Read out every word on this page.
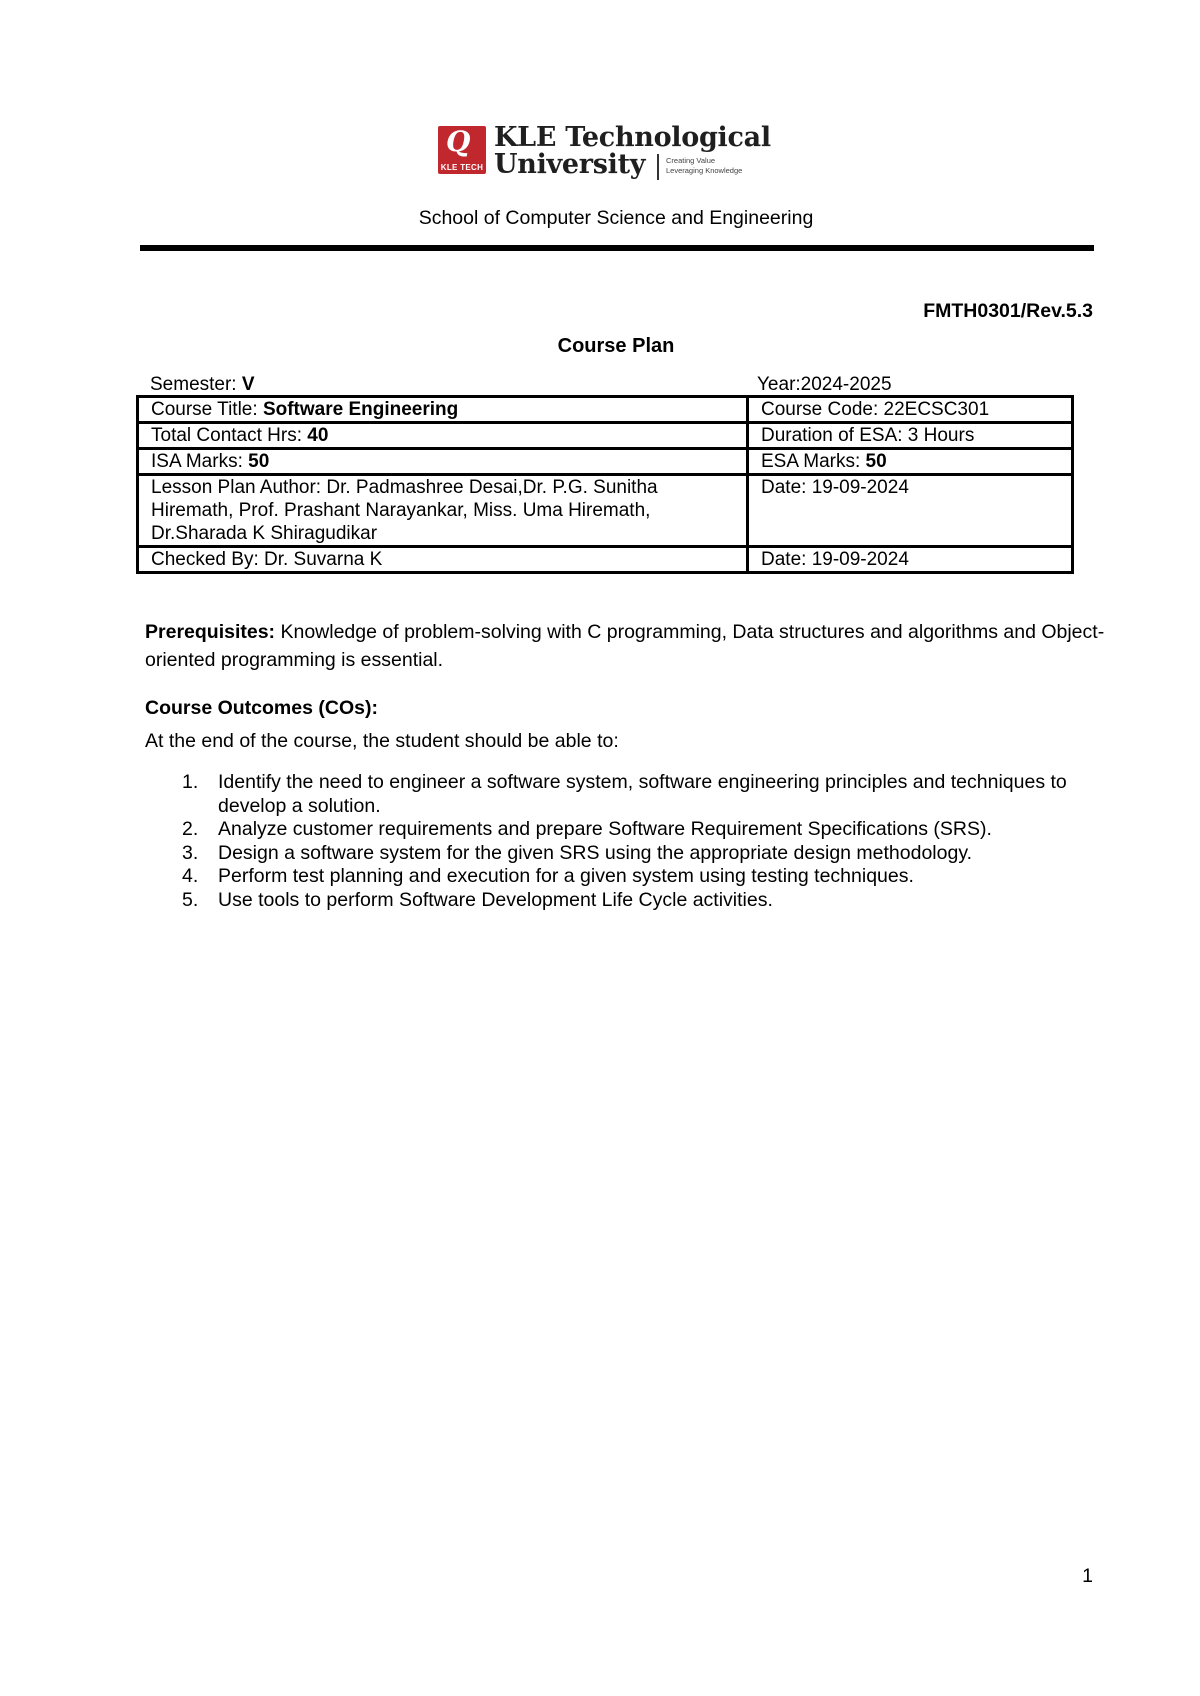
Q
KLE TECH
KLE Technological
University	Creating Value
Leveraging Knowledge
School of Computer Science and Engineering
FMTH0301/Rev.5.3
Course Plan
Semester: V	Year:2024-2025
Course Title: Software Engineering	Course Code: 22ECSC301
Total Contact Hrs: 40	Duration of ESA: 3 Hours
ISA Marks: 50	ESA Marks: 50

Lesson Plan Author: Dr. Padmashree Desai,Dr. P.G. Sunitha
Hiremath, Prof. Prashant Narayankar, Miss. Uma Hiremath,
Dr.Sharada K Shiragudikar	Date: 19-09-2024
Checked By: Dr. Suvarna K	Date: 19-09-2024
Prerequisites: Knowledge of problem-solving with C programming, Data structures and algorithms and Object-oriented programming is essential.
Course Outcomes (COs):
At the end of the course, the student should be able to:
1. Identify the need to engineer a software system, software engineering principles and techniques to develop a solution.
2. Analyze customer requirements and prepare Software Requirement Specifications (SRS).
3. Design a software system for the given SRS using the appropriate design methodology.
4. Perform test planning and execution for a given system using testing techniques.
5. Use tools to perform Software Development Life Cycle activities.
1
